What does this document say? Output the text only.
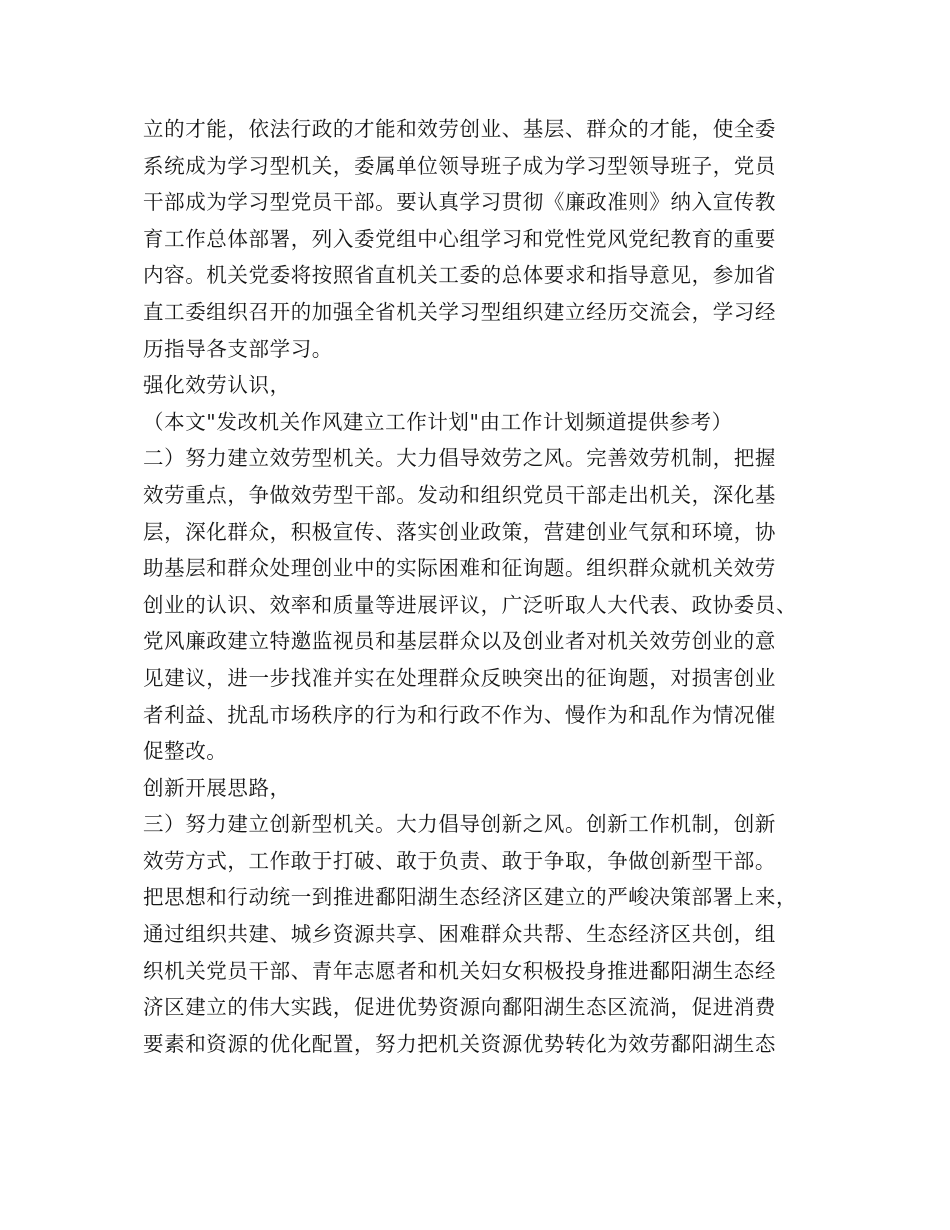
立的才能，依法行政的才能和效劳创业、基层、群众的才能，使全委
系统成为学习型机关，委属单位领导班子成为学习型领导班子，党员
干部成为学习型党员干部。要认真学习贯彻《廉政准则》纳入宣传教
育工作总体部署，列入委党组中心组学习和党性党风党纪教育的重要
内容。机关党委将按照省直机关工委的总体要求和指导意见，参加省
直工委组织召开的加强全省机关学习型组织建立经历交流会，学习经
历指导各支部学习。
强化效劳认识，
（本文"发改机关作风建立工作计划"由工作计划频道提供参考）
二）努力建立效劳型机关。大力倡导效劳之风。完善效劳机制，把握
效劳重点，争做效劳型干部。发动和组织党员干部走出机关，深化基
层，深化群众，积极宣传、落实创业政策，营建创业气氛和环境，协
助基层和群众处理创业中的实际困难和征询题。组织群众就机关效劳
创业的认识、效率和质量等进展评议，广泛听取人大代表、政协委员、
党风廉政建立特邀监视员和基层群众以及创业者对机关效劳创业的意
见建议，进一步找准并实在处理群众反映突出的征询题，对损害创业
者利益、扰乱市场秩序的行为和行政不作为、慢作为和乱作为情况催
促整改。
创新开展思路，
三）努力建立创新型机关。大力倡导创新之风。创新工作机制，创新
效劳方式，工作敢于打破、敢于负责、敢于争取，争做创新型干部。
把思想和行动统一到推进鄱阳湖生态经济区建立的严峻决策部署上来，
通过组织共建、城乡资源共享、困难群众共帮、生态经济区共创，组
织机关党员干部、青年志愿者和机关妇女积极投身推进鄱阳湖生态经
济区建立的伟大实践，促进优势资源向鄱阳湖生态区流淌，促进消费
要素和资源的优化配置，努力把机关资源优势转化为效劳鄱阳湖生态
